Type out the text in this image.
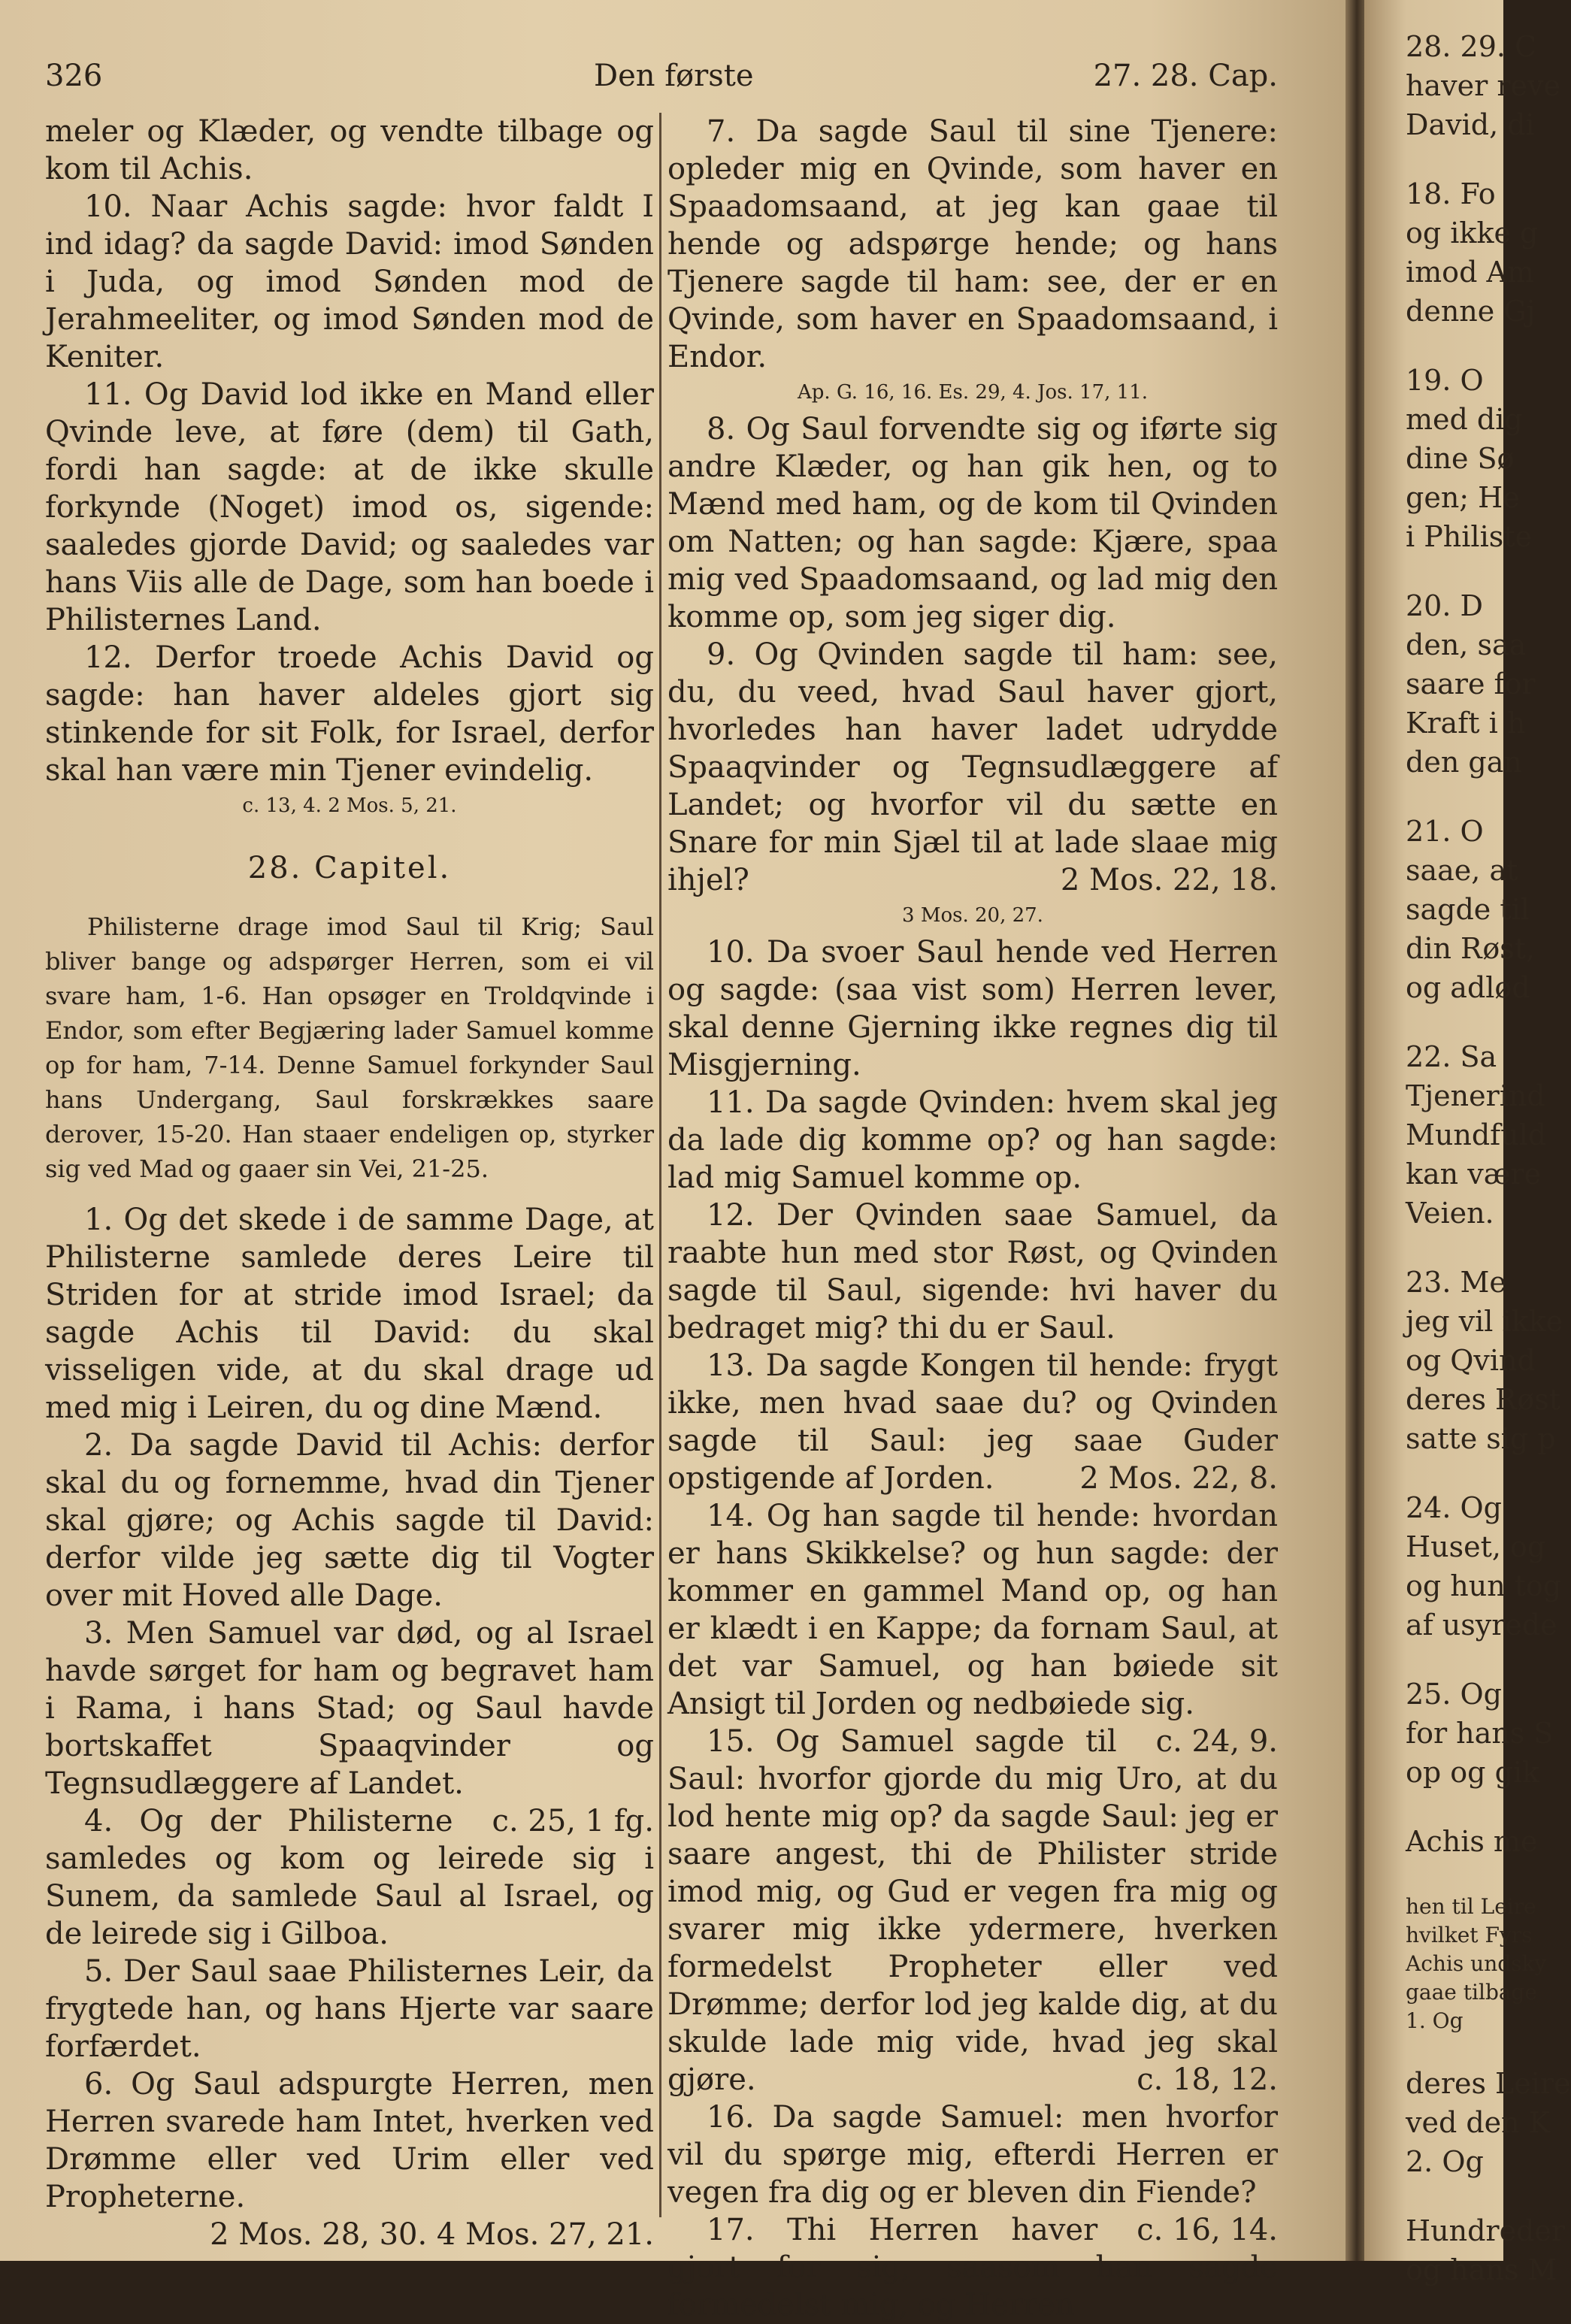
326	Den første	27. 28. Cap.

meler og Klæder, og vendte tilbage og kom til Achis.

10. Naar Achis sagde: hvor faldt I ind idag? da sagde David: imod Sønden i Juda, og imod Sønden mod de Jerahmeeliter, og imod Sønden mod de Keniter.

11. Og David lod ikke en Mand eller Qvinde leve, at føre (dem) til Gath, fordi han sagde: at de ikke skulle forkynde (Noget) imod os, sigende: saaledes gjorde David; og saaledes var hans Viis alle de Dage, som han boede i Philisternes Land.

12. Derfor troede Achis David og sagde: han haver aldeles gjort sig stinkende for sit Folk, for Israel, derfor skal han være min Tjener evindelig.

c. 13, 4. 2 Mos. 5, 21.

28. Capitel.

Philisterne drage imod Saul til Krig; Saul bliver bange og adspørger Herren, som ei vil svare ham, 1-6. Han opsøger en Troldqvinde i Endor, som efter Begjæring lader Samuel komme op for ham, 7-14. Denne Samuel forkynder Saul hans Undergang, Saul forskrækkes saare derover, 15-20. Han staaer endeligen op, styrker sig ved Mad og gaaer sin Vei, 21-25.

1. Og det skede i de samme Dage, at Philisterne samlede deres Leire til Striden for at stride imod Israel; da sagde Achis til David: du skal visseligen vide, at du skal drage ud med mig i Leiren, du og dine Mænd.

2. Da sagde David til Achis: derfor skal du og fornemme, hvad din Tjener skal gjøre; og Achis sagde til David: derfor vilde jeg sætte dig til Vogter over mit Hoved alle Dage.

3. Men Samuel var død, og al Israel havde sørget for ham og begravet ham i Rama, i hans Stad; og Saul havde bortskaffet Spaaqvinder og Tegnsudlæggere af Landet.
c. 25, 1 fg.

4. Og der Philisterne samledes og kom og leirede sig i Sunem, da samlede Saul al Israel, og de leirede sig i Gilboa.

5. Der Saul saae Philisternes Leir, da frygtede han, og hans Hjerte var saare forfærdet.

6. Og Saul adspurgte Herren, men Herren svarede ham Intet, hverken ved Drømme eller ved Urim eller ved Propheterne.
2 Mos. 28, 30. 4 Mos. 27, 21.

7. Da sagde Saul til sine Tjenere: opleder mig en Qvinde, som haver en Spaadomsaand, at jeg kan gaae til hende og adspørge hende; og hans Tjenere sagde til ham: see, der er en Qvinde, som haver en Spaadomsaand, i Endor.

Ap. G. 16, 16. Es. 29, 4. Jos. 17, 11.

8. Og Saul forvendte sig og iførte sig andre Klæder, og han gik hen, og to Mænd med ham, og de kom til Qvinden om Natten; og han sagde: Kjære, spaa mig ved Spaadomsaand, og lad mig den komme op, som jeg siger dig.

9. Og Qvinden sagde til ham: see, du, du veed, hvad Saul haver gjort, hvorledes han haver ladet udrydde Spaaqvinder og Tegnsudlæggere af Landet; og hvorfor vil du sætte en Snare for min Sjæl til at lade slaae mig ihjel?	2 Mos. 22, 18.

3 Mos. 20, 27.

10. Da svoer Saul hende ved Herren og sagde: (saa vist som) Herren lever, skal denne Gjerning ikke regnes dig til Misgjerning.

11. Da sagde Qvinden: hvem skal jeg da lade dig komme op? og han sagde: lad mig Samuel komme op.

12. Der Qvinden saae Samuel, da raabte hun med stor Røst, og Qvinden sagde til Saul, sigende: hvi haver du bedraget mig? thi du er Saul.

13. Da sagde Kongen til hende: frygt ikke, men hvad saae du? og Qvinden sagde til Saul: jeg saae Guder opstigende af Jorden.	2 Mos. 22, 8.

14. Og han sagde til hende: hvordan er hans Skikkelse? og hun sagde: der kommer en gammel Mand op, og han er klædt i en Kappe; da fornam Saul, at det var Samuel, og han bøiede sit Ansigt til Jorden og nedbøiede sig.
c. 24, 9.

15. Og Samuel sagde til Saul: hvorfor gjorde du mig Uro, at du lod hente mig op? da sagde Saul: jeg er saare angest, thi de Philister stride imod mig, og Gud er vegen fra mig og svarer mig ikke ydermere, hverken formedelst Propheter eller ved Drømme; derfor lod jeg kalde dig, at du skulde lade mig vide, hvad jeg skal gjøre.	c. 18, 12.

16. Da sagde Samuel: men hvorfor vil du spørge mig, efterdi Herren er vegen fra dig og er bleven din Fiende?
c. 16, 14.

17. Thi Herren haver gjort for sig, saasom han sagde formedelst mig, og Herren

28. 29. C
haver reve
David, di
18. Fo
og ikke g
imod Am
denne Gj
19. O
med dig
dine Sø
gen; He
i Philiste
20. D
den, saa
saare for
Kraft i h
den gan
21. O
saae, at
sagde til
din Røst,
og adlød
22. Sa
Tjenerind
Mundfuld
kan være
Veien.
23. Me
jeg vil ikke
og Qvind
deres Røst
satte sig p
24. Og
Huset, og
og hun tog
af usyrede
25. Og
for hans S
op og gik
Achis me
hen til Leire
hvilket Fyrs
Achis undsky
gaae tilbage
1. Og
deres Leire
ved den K
2. Og
Hundreder
og hans M
